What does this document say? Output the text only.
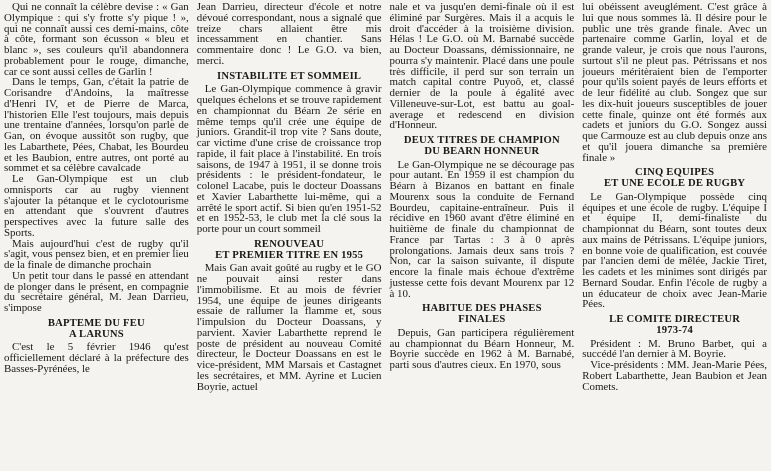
Qui ne connaît la célèbre devise : « Gan Olympique : qui s'y frotte s'y pique ! », qui ne connaît aussi ces demi-mains, côte à côte, formant son écusson « bleu et blanc », ses couleurs qu'il abandonnera probablement pour le rouge, dimanche, car ce sont aussi celles de Garlin !

Dans le temps, Gan, c'était la patrie de Corisandre d'Andoins, la maîtresse d'Henri IV, et de Pierre de Marca, l'historien Elle l'est toujours, mais depuis une trentaine d'années, lorsqu'on parle de Gan, on évoque aussitôt son rugby, que les Labarthete, Pées, Chabat, les Bourdeu et les Baubion, entre autres, ont porté au sommet et sa célèbre cavalcade

Le Gan-Olympique est un club omnisports car au rugby viennent s'ajouter la pétanque et le cyclotourisme en attendant que s'ouvrent d'autres perspectives avec la future salle des Sports.

Mais aujourd'hui c'est de rugby qu'il s'agit, vous pensez bien, et en premier lieu de la finale de dimanche prochain

Un petit tour dans le passé en attendant de plonger dans le présent, en compagnie du secrétaire général, M. Jean Darrieu, s'impose

BAPTEME DU FEU
A LARUNS

C'est le 5 février 1946 qu'est officiellement déclaré à la préfecture des Basses-Pyrénées, le

Jean Darrieu, directeur d'école et notre dévoué correspondant, nous a signalé que treize chars allaient être mis incessamment en chantier. Sans commentaire donc ! Le G.O. va bien, merci.

INSTABILITE ET SOMMEIL

Le Gan-Olympique commence à gravir quelques échelons et se trouve rapidement en championnat du Béarn 2e série en même temps qu'il crée une équipe de juniors. Grandit-il trop vite ? Sans doute, car victime d'une crise de croissance trop rapide, il fait place à l'instabilité. En trois saisons, de 1947 à 1951, il se donne trois présidents : le président-fondateur, le colonel Lacabe, puis le docteur Doassans et Xavier Labarthette lui-même, qui a arrêté le sport actif. Si bien qu'en 1951-52 et en 1952-53, le club met la clé sous la porte pour un court sommeil

RENOUVEAU
ET PREMIER TITRE EN 1955

Mais Gan avait goûté au rugby et le GO ne pouvait ainsi rester dans l'immobilisme. Et au mois de février 1954, une équipe de jeunes dirigeants essaie de rallumer la flamme et, sous l'impulsion du Docteur Doassans, y parvient. Xavier Labarthette reprend le poste de président au nouveau Comité directeur, le Docteur Doassans en est le vice-président, MM Marsais et Castagnet les secrétaires, et MM. Ayrine et Lucien Boyrie, actuel

nale et va jusqu'en demi-finale où il est éliminé par Surgères. Mais il a acquis le droit d'accéder à la troisième division. Hélas ! Le G.O. où M. Barnabé succède au Docteur Doassans, démissionnaire, ne pourra s'y maintenir. Placé dans une poule très difficile, il perd sur son terrain un match capital contre Puyoô, et, classé dernier de la poule à égalité avec Villeneuve-sur-Lot, est battu au goal-average et redescend en division d'Honneur.

DEUX TITRES DE CHAMPION
DU BEARN HONNEUR

Le Gan-Olympique ne se décourage pas pour autant. En 1959 il est champion du Béarn à Bizanos en battant en finale Mourenx sous la conduite de Fernand Bourdeu, capitaine-entraîneur. Puis il récidive en 1960 avant d'être éliminé en huitième de finale du championnat de France par Tartas : 3 à 0 après prolongations. Jamais deux sans trois ? Non, car la saison suivante, il dispute encore la finale mais échoue d'extrême justesse cette fois devant Mourenx par 12 à 10.

HABITUE DES PHASES
FINALES

Depuis, Gan participera régulièrement au championnat du Béarn Honneur, M. Boyrie succède en 1962 à M. Barnabé, parti sous d'autres cieux. En 1970, sous

lui obéissent aveuglément. C'est grâce à lui que nous sommes là. Il désire pour le public une très grande finale. Avec un partenaire comme Garlin, loyal et de grande valeur, je crois que nous l'aurons, surtout s'il ne pleut pas. Pétrissans et nos joueurs méritèraient bien de l'emporter pour qu'ils soient payés de leurs efforts et de leur fidélité au club. Songez que sur les dix-huit joueurs susceptibles de jouer cette finale, quinze ont été formés aux cadets et juniors du G.O. Songez aussi que Carmouze est au club depuis onze ans et qu'il jouera dimanche sa première finale »

CINQ EQUIPES
ET UNE ECOLE DE RUGBY

Le Gan-Olympique possède cinq équipes et une école de rugby. L'équipe I et équipe II, demi-finaliste du championnat du Béarn, sont toutes deux aux mains de Pétrissans. L'équipe juniors, en bonne voie de qualification, est couvée par l'ancien demi de mêlée, Jackie Tiret, les cadets et les minimes sont dirigés par Bernard Soudar. Enfin l'école de rugby a un éducateur de choix avec Jean-Marie Pées.

LE COMITE DIRECTEUR
1973-74

Président : M. Bruno Barbet, qui a succédé l'an dernier à M. Boyrie.

Vice-présidents : MM. Jean-Marie Pées, Robert Labarthette, Jean Baubion et Jean Comets.
